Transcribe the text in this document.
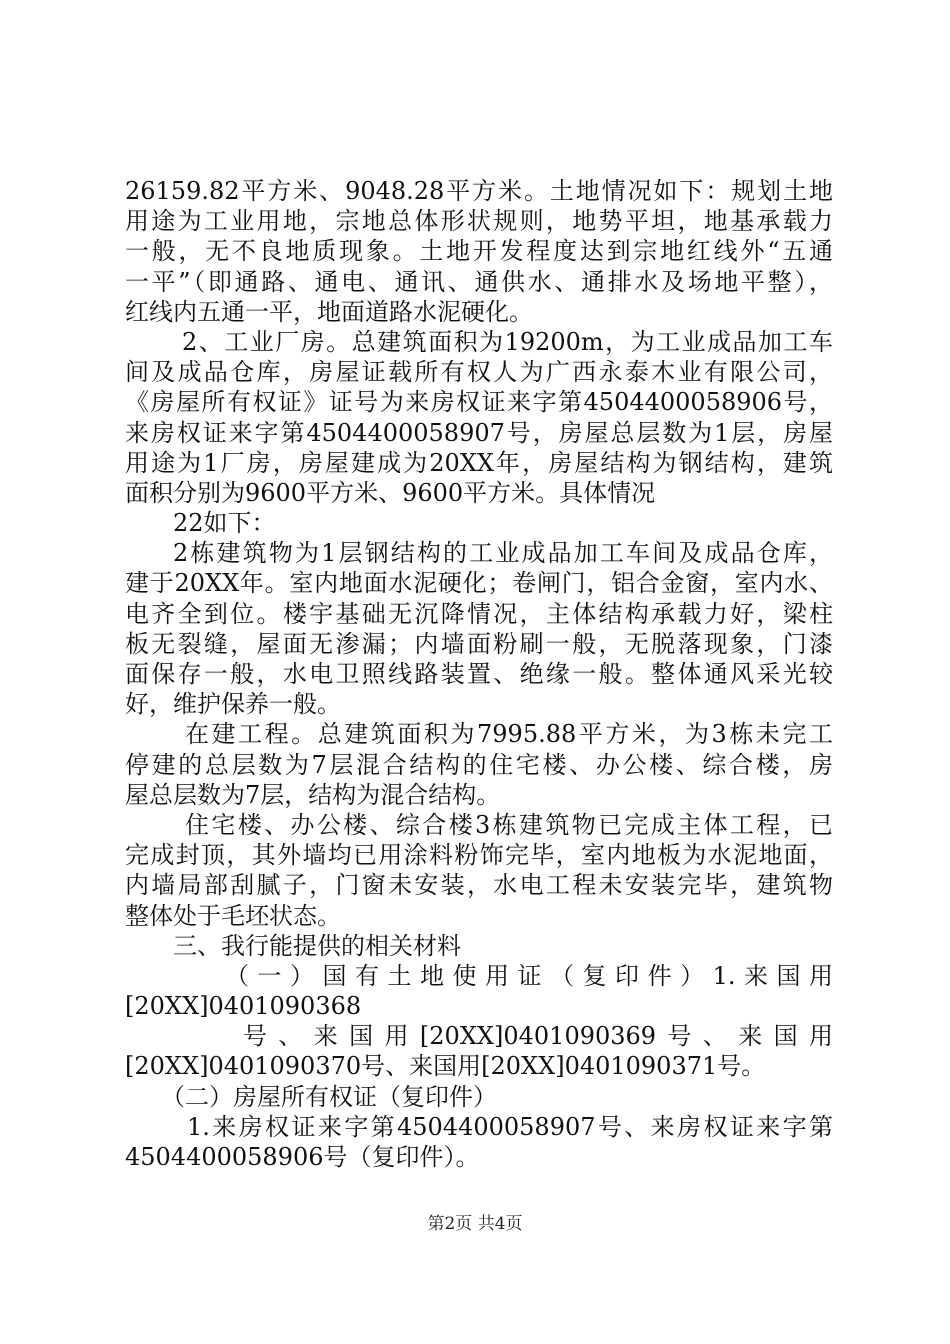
26159.82平方米、9048.28平方米。土地情况如下：规划土地
用途为工业用地，宗地总体形状规则，地势平坦，地基承载力
一般，无不良地质现象。土地开发程度达到宗地红线外“五通
一平”（即通路、通电、通讯、通供水、通排水及场地平整），
红线内五通一平，地面道路水泥硬化。
2、工业厂房。总建筑面积为19200m，为工业成品加工车
间及成品仓库，房屋证载所有权人为广西永泰木业有限公司，
《房屋所有权证》证号为来房权证来字第4504400058906号，
来房权证来字第4504400058907号，房屋总层数为1层，房屋
用途为1厂房，房屋建成为20XX年，房屋结构为钢结构，建筑
面积分别为9600平方米、9600平方米。具体情况
22如下：
2栋建筑物为1层钢结构的工业成品加工车间及成品仓库，
建于20XX年。室内地面水泥硬化；卷闸门，铝合金窗，室内水、
电齐全到位。楼宇基础无沉降情况，主体结构承载力好，梁柱
板无裂缝，屋面无渗漏；内墙面粉刷一般，无脱落现象，门漆
面保存一般，水电卫照线路装置、绝缘一般。整体通风采光较
好，维护保养一般。
在建工程。总建筑面积为7995.88平方米，为3栋未完工
停建的总层数为7层混合结构的住宅楼、办公楼、综合楼，房
屋总层数为7层，结构为混合结构。
住宅楼、办公楼、综合楼3栋建筑物已完成主体工程，已
完成封顶，其外墙均已用涂料粉饰完毕，室内地板为水泥地面，
内墙局部刮腻子，门窗未安装，水电工程未安装完毕，建筑物
整体处于毛坯状态。
三、我行能提供的相关材料
（一）国有土地使用证（复印件）1.来国用
[20XX]0401090368
号、来国用[20XX]0401090369号、来国用
[20XX]0401090370号、来国用[20XX]0401090371号。
（二）房屋所有权证（复印件）
1.来房权证来字第4504400058907号、来房权证来字第
4504400058906号（复印件）。
第2页 共4页
